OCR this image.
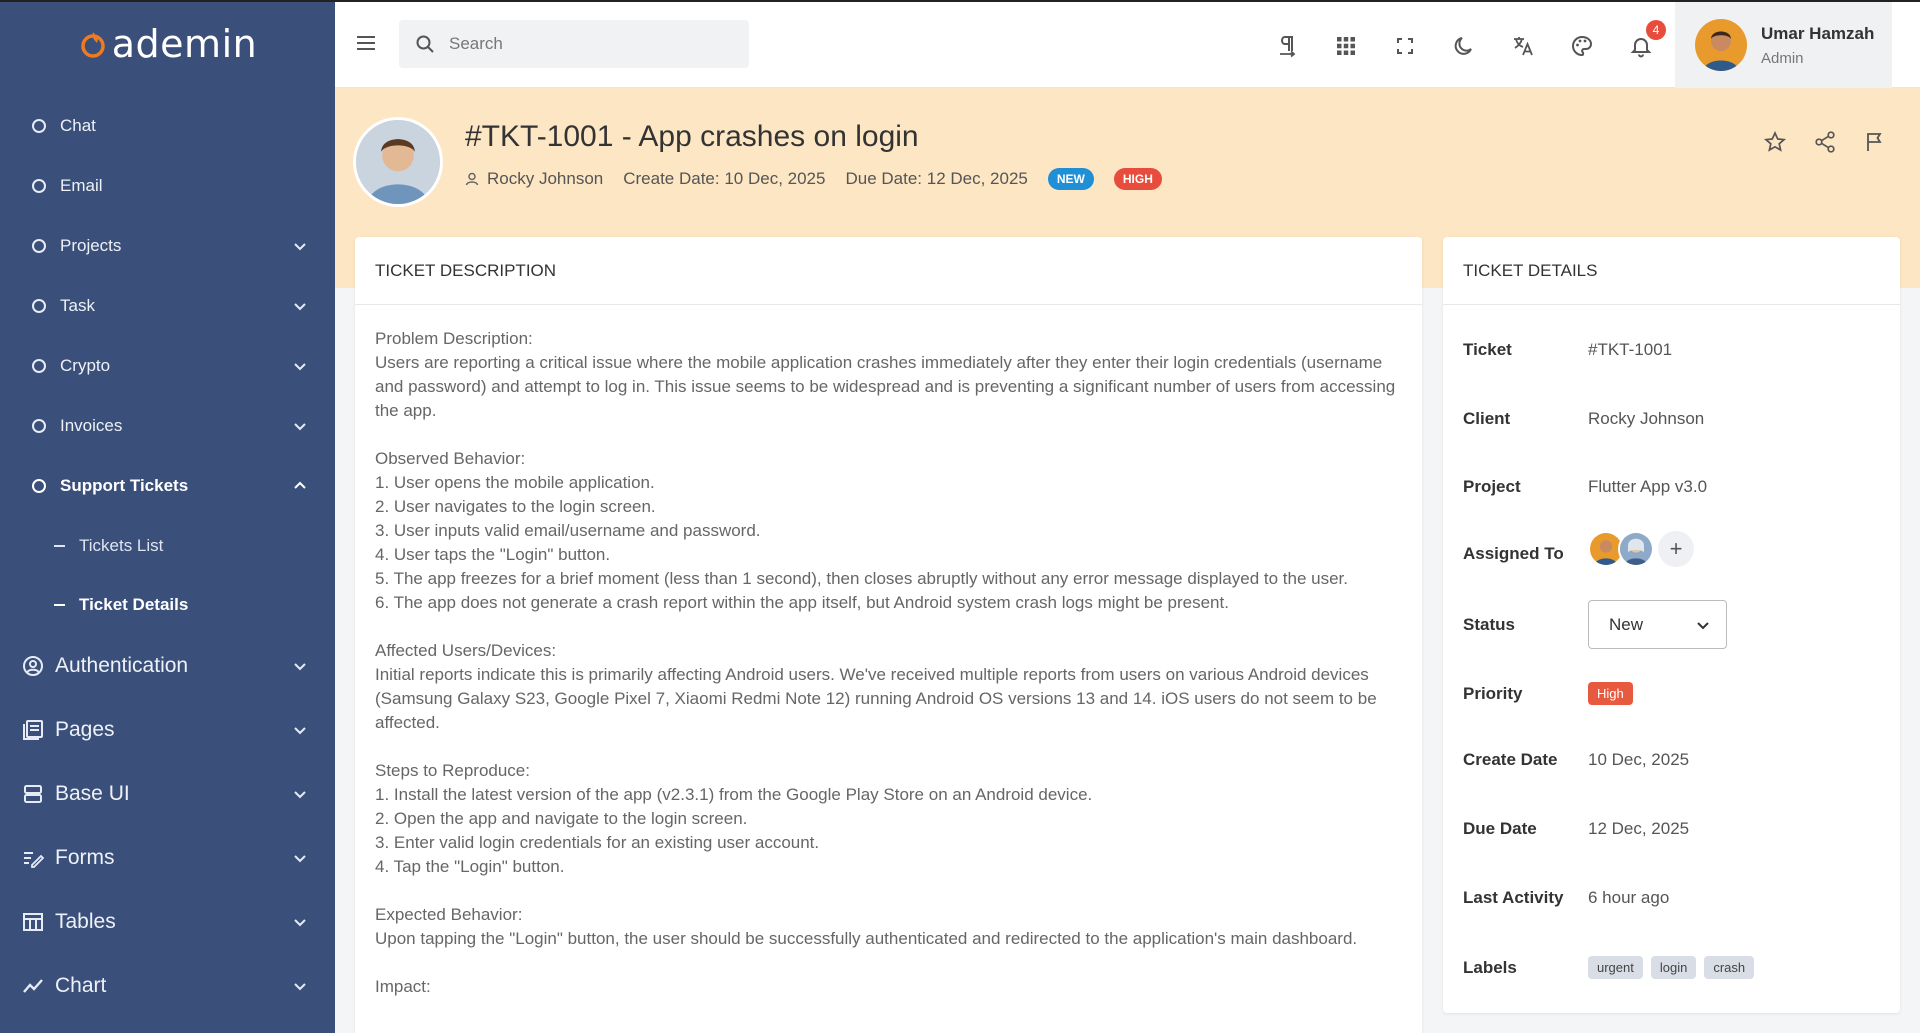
ademin
Chat
Email
Projects
Task
Crypto
Invoices
Support Tickets
Tickets List
Ticket Details
Authentication
Pages
Base UI
Forms
Tables
Chart
Search
4	Umar Hamzah
Admin
#TKT-1001 - App crashes on login
Rocky Johnson Create Date: 10 Dec, 2025 Due Date: 12 Dec, 2025	NEW	HIGH
TICKET DESCRIPTION

Problem Description:
Users are reporting a critical issue where the mobile application crashes immediately after they enter their login credentials (username and password) and attempt to log in. This issue seems to be widespread and is preventing a significant number of users from accessing the app.

Observed Behavior:
1. User opens the mobile application.
2. User navigates to the login screen.
3. User inputs valid email/username and password.
4. User taps the "Login" button.
5. The app freezes for a brief moment (less than 1 second), then closes abruptly without any error message displayed to the user.
6. The app does not generate a crash report within the app itself, but Android system crash logs might be present.

Affected Users/Devices:
Initial reports indicate this is primarily affecting Android users. We've received multiple reports from users on various Android devices (Samsung Galaxy S23, Google Pixel 7, Xiaomi Redmi Note 12) running Android OS versions 13 and 14. iOS users do not seem to be affected.

Steps to Reproduce:
1. Install the latest version of the app (v2.3.1) from the Google Play Store on an Android device.
2. Open the app and navigate to the login screen.
3. Enter valid login credentials for an existing user account.
4. Tap the "Login" button.

Expected Behavior:
Upon tapping the "Login" button, the user should be successfully authenticated and redirected to the application's main dashboard.

Impact:

TICKET DETAILS
Ticket	#TKT-1001
Client	Rocky Johnson
Project	Flutter App v3.0
Assigned To	+
Status	New
Priority	High
Create Date	10 Dec, 2025
Due Date	12 Dec, 2025
Last Activity	6 hour ago
Labels	urgent	login	crash
